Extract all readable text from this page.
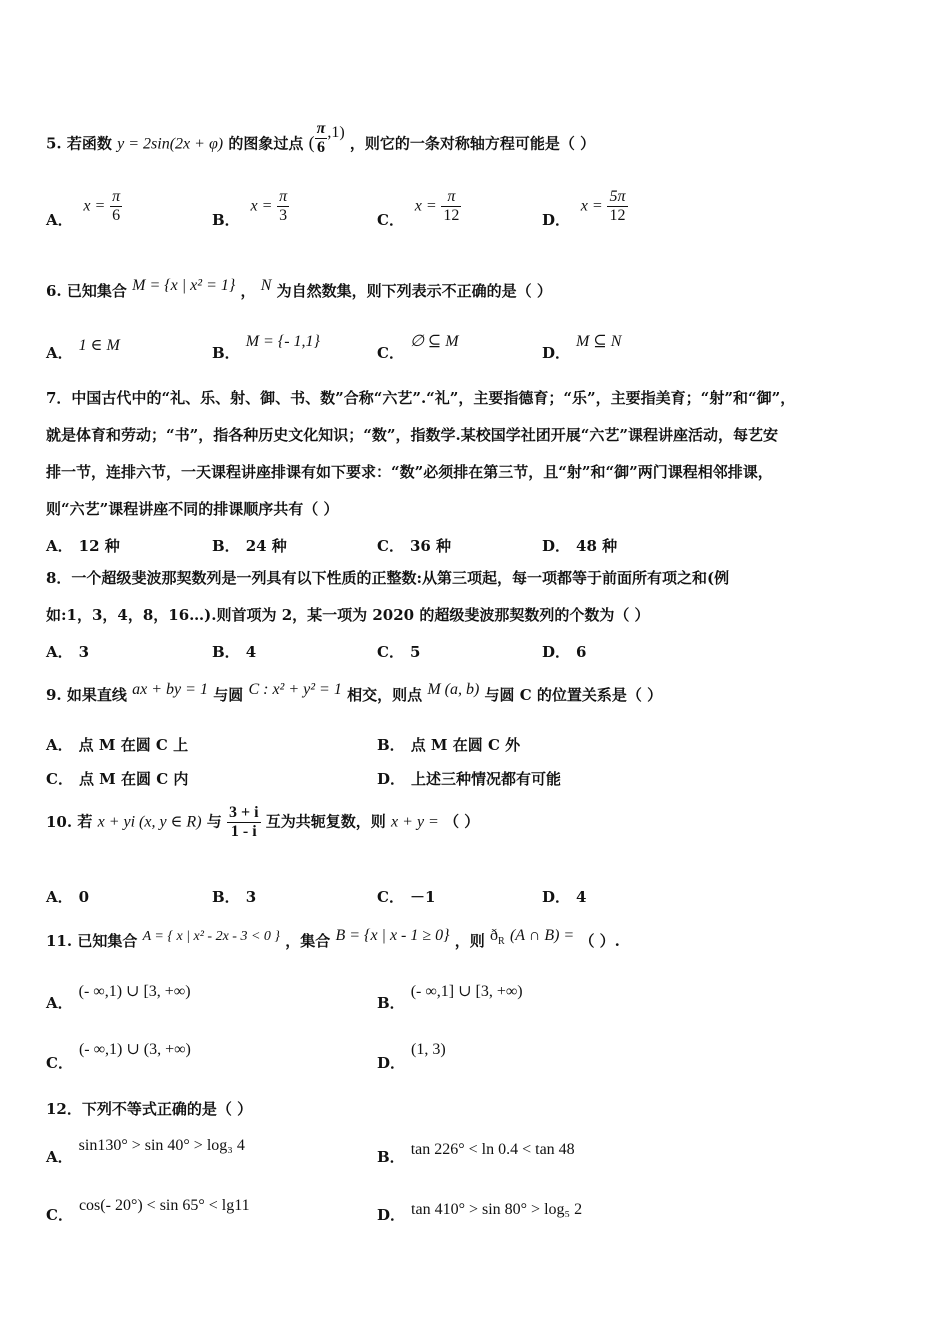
5. 若函数 y = 2sin(2x + φ) 的图象过点 ( $\frac{\pi}{6} ,1$) ，则它的一条对称轴方程可能是（ ）
A． $x = \frac{\pi}{6}$	B． $x = \frac{\pi}{3}$	C． $x = \frac{\pi}{12}$	D． $x = \frac{5\pi}{12}$
6. 已知集合 M = {x | x² = 1} ， N 为自然数集，则下列表示不正确的是（ ）
A． 1 ∈ M	B．M = {- 1,1}
C．∅ ⊆ M
D．M ⊆ N
7．中国古代中的“礼、乐、射、御、书、数”合称“六艺”.“礼”，主要指德育；“乐”，主要指美育；“射”和“御”，
就是体育和劳动；“书”，指各种历史文化知识；“数”，指数学.某校国学社团开展“六艺”课程讲座活动，每艺安
排一节，连排六节，一天课程讲座排课有如下要求：“数”必须排在第三节，且“射”和“御”两门课程相邻排课，
则“六艺”课程讲座不同的排课顺序共有（ ）
A． 12 种	B． 24 种	C． 36 种	D． 48 种
8．一个超级斐波那契数列是一列具有以下性质的正整数:从第三项起，每一项都等于前面所有项之和(例
如:1，3，4，8，16…).则首项为 2，某一项为 2020 的超级斐波那契数列的个数为（ ）
A． 3	B． 4	C． 5	D． 6
9. 如果直线 ax + by = 1 与圆 C : x² + y² = 1 相交，则点 M (a, b) 与圆 C 的位置关系是（ ）
A． 点 M 在圆 C 上	B． 点 M 在圆 C 外
C． 点 M 在圆 C 内	D． 上述三种情况都有可能
10. 若 x + yi (x, y ∈ R) 与 $\frac{3 + i}{1 - i}$ 互为共轭复数，则 x + y = （ ）
A． 0	B． 3	C． －1	D． 4
11. 已知集合 A = { x | x² - 2x - 3 < 0 } ，集合 B = {x | x - 1 ≥ 0} ，则 $ð_R$ (A ∩ B) = （ ）.
A．(- ∞,1) ∪ [3, +∞)
B．(- ∞,1] ∪ [3, +∞)
C．(- ∞,1) ∪ (3, +∞)
D．(1, 3)
12．下列不等式正确的是（ ）
A．sin130° > sin 40° > log₃ 4
B． tan 226° < ln 0.4 < tan 48
C．cos(- 20°) < sin 65° < lg11
D． tan 410° > sin 80° > log₅ 2
